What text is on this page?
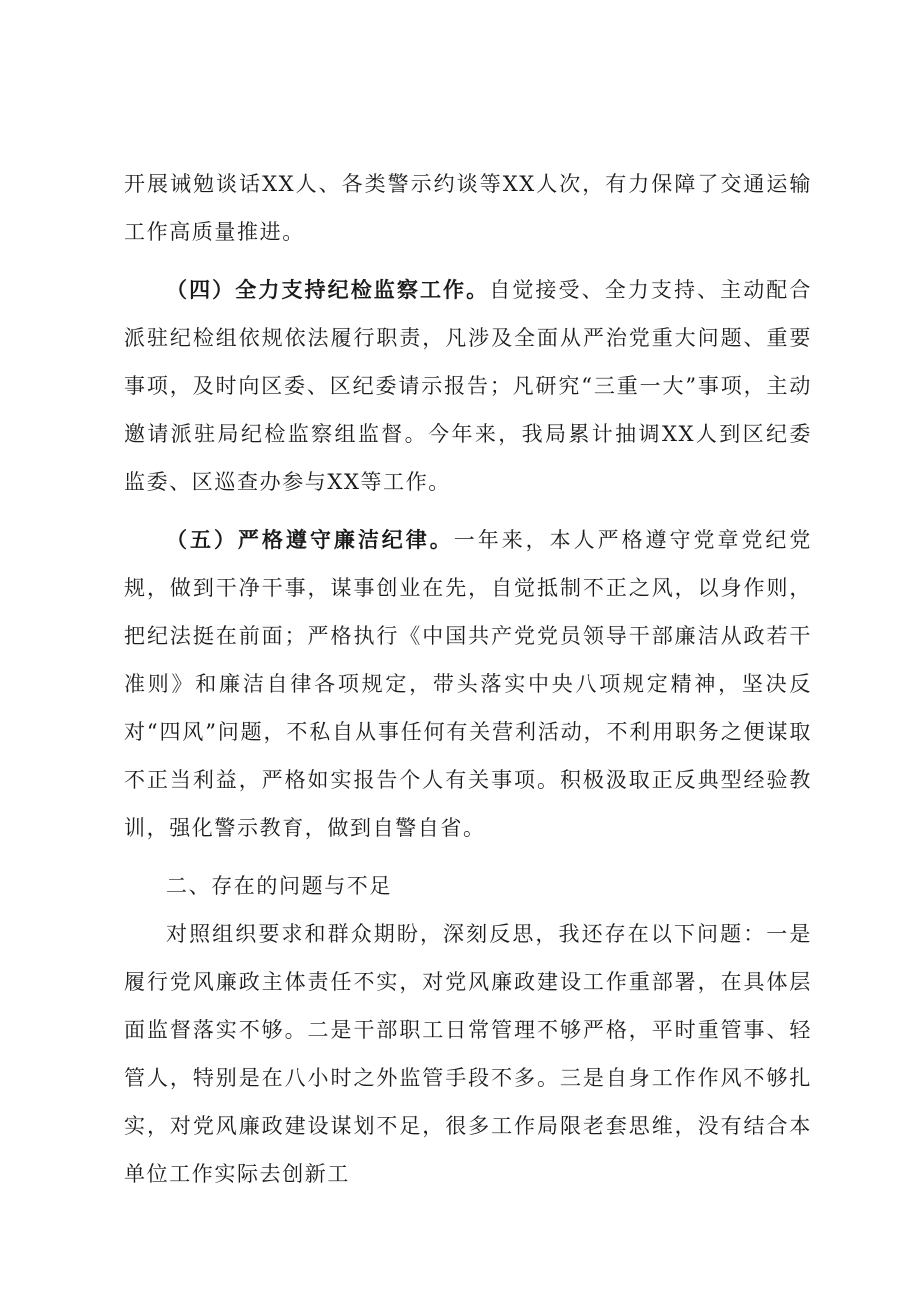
开展诫勉谈话XX人、各类警示约谈等XX人次，有力保障了交通运输工作高质量推进。

（四）全力支持纪检监察工作。自觉接受、全力支持、主动配合派驻纪检组依规依法履行职责，凡涉及全面从严治党重大问题、重要事项，及时向区委、区纪委请示报告；凡研究“三重一大”事项，主动邀请派驻局纪检监察组监督。今年来，我局累计抽调XX人到区纪委监委、区巡查办参与XX等工作。

（五）严格遵守廉洁纪律。一年来，本人严格遵守党章党纪党规，做到干净干事，谋事创业在先，自觉抵制不正之风，以身作则，把纪法挺在前面；严格执行《中国共产党党员领导干部廉洁从政若干准则》和廉洁自律各项规定，带头落实中央八项规定精神，坚决反对“四风”问题，不私自从事任何有关营利活动，不利用职务之便谋取不正当利益，严格如实报告个人有关事项。积极汲取正反典型经验教训，强化警示教育，做到自警自省。

二、存在的问题与不足

对照组织要求和群众期盼，深刻反思，我还存在以下问题：一是履行党风廉政主体责任不实，对党风廉政建设工作重部署，在具体层面监督落实不够。二是干部职工日常管理不够严格，平时重管事、轻管人，特别是在八小时之外监管手段不多。三是自身工作作风不够扎实，对党风廉政建设谋划不足，很多工作局限老套思维，没有结合本单位工作实际去创新工
